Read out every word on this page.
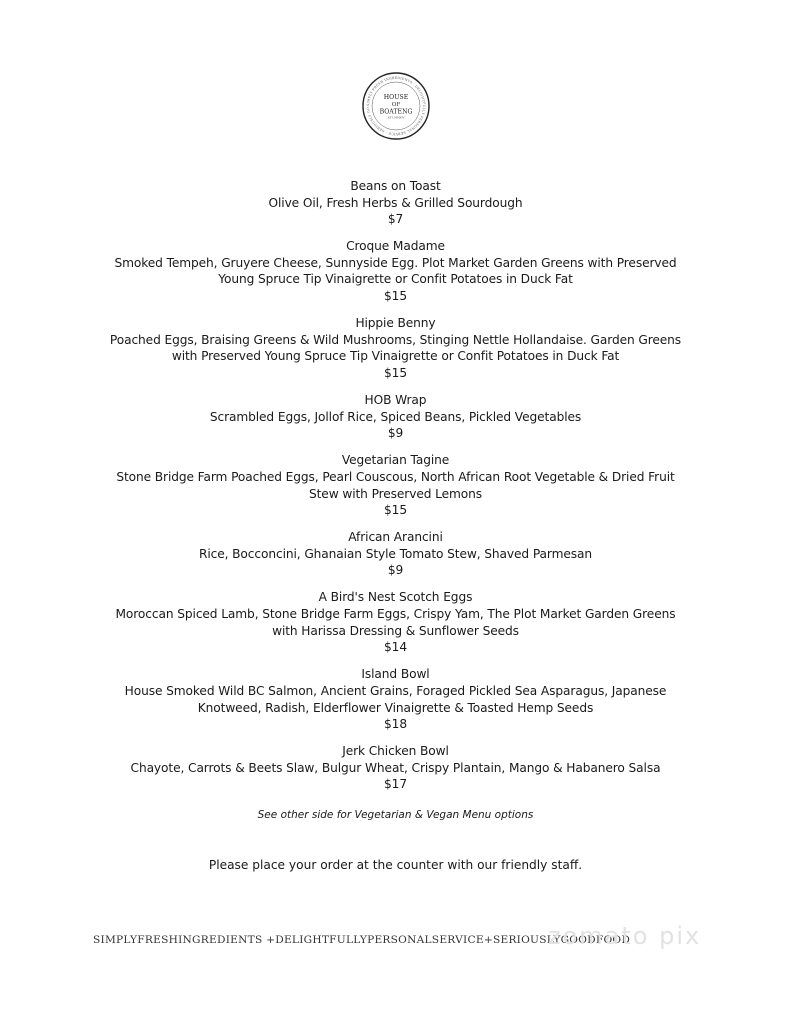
SIMPLY FRESH INGREDIENTS · DELIGHTFULLY PERSONAL SERVICE · SERIOUSLY GO
HOUSE
OF
BOATENG
EST. MMXIV
Beans on Toast
Olive Oil, Fresh Herbs & Grilled Sourdough
$7
Croque Madame
Smoked Tempeh, Gruyere Cheese, Sunnyside Egg. Plot Market Garden Greens with Preserved
Young Spruce Tip Vinaigrette or Confit Potatoes in Duck Fat
$15
Hippie Benny
Poached Eggs, Braising Greens & Wild Mushrooms, Stinging Nettle Hollandaise. Garden Greens
with Preserved Young Spruce Tip Vinaigrette or Confit Potatoes in Duck Fat
$15
HOB Wrap
Scrambled Eggs, Jollof Rice, Spiced Beans, Pickled Vegetables
$9
Vegetarian Tagine
Stone Bridge Farm Poached Eggs, Pearl Couscous, North African Root Vegetable & Dried Fruit
Stew with Preserved Lemons
$15
African Arancini
Rice, Bocconcini, Ghanaian Style Tomato Stew, Shaved Parmesan
$9
A Bird's Nest Scotch Eggs
Moroccan Spiced Lamb, Stone Bridge Farm Eggs, Crispy Yam, The Plot Market Garden Greens
with Harissa Dressing & Sunflower Seeds
$14
Island Bowl
House Smoked Wild BC Salmon, Ancient Grains, Foraged Pickled Sea Asparagus, Japanese
Knotweed, Radish, Elderflower Vinaigrette & Toasted Hemp Seeds
$18
Jerk Chicken Bowl
Chayote, Carrots & Beets Slaw, Bulgur Wheat, Crispy Plantain, Mango & Habanero Salsa
$17
See other side for Vegetarian & Vegan Menu options
Please place your order at the counter with our friendly staff.
SIMPLYFRESHINGREDIENTS +DELIGHTFULLYPERSONALSERVICE+SERIOUSLYGOODFOOD
zomato pix
